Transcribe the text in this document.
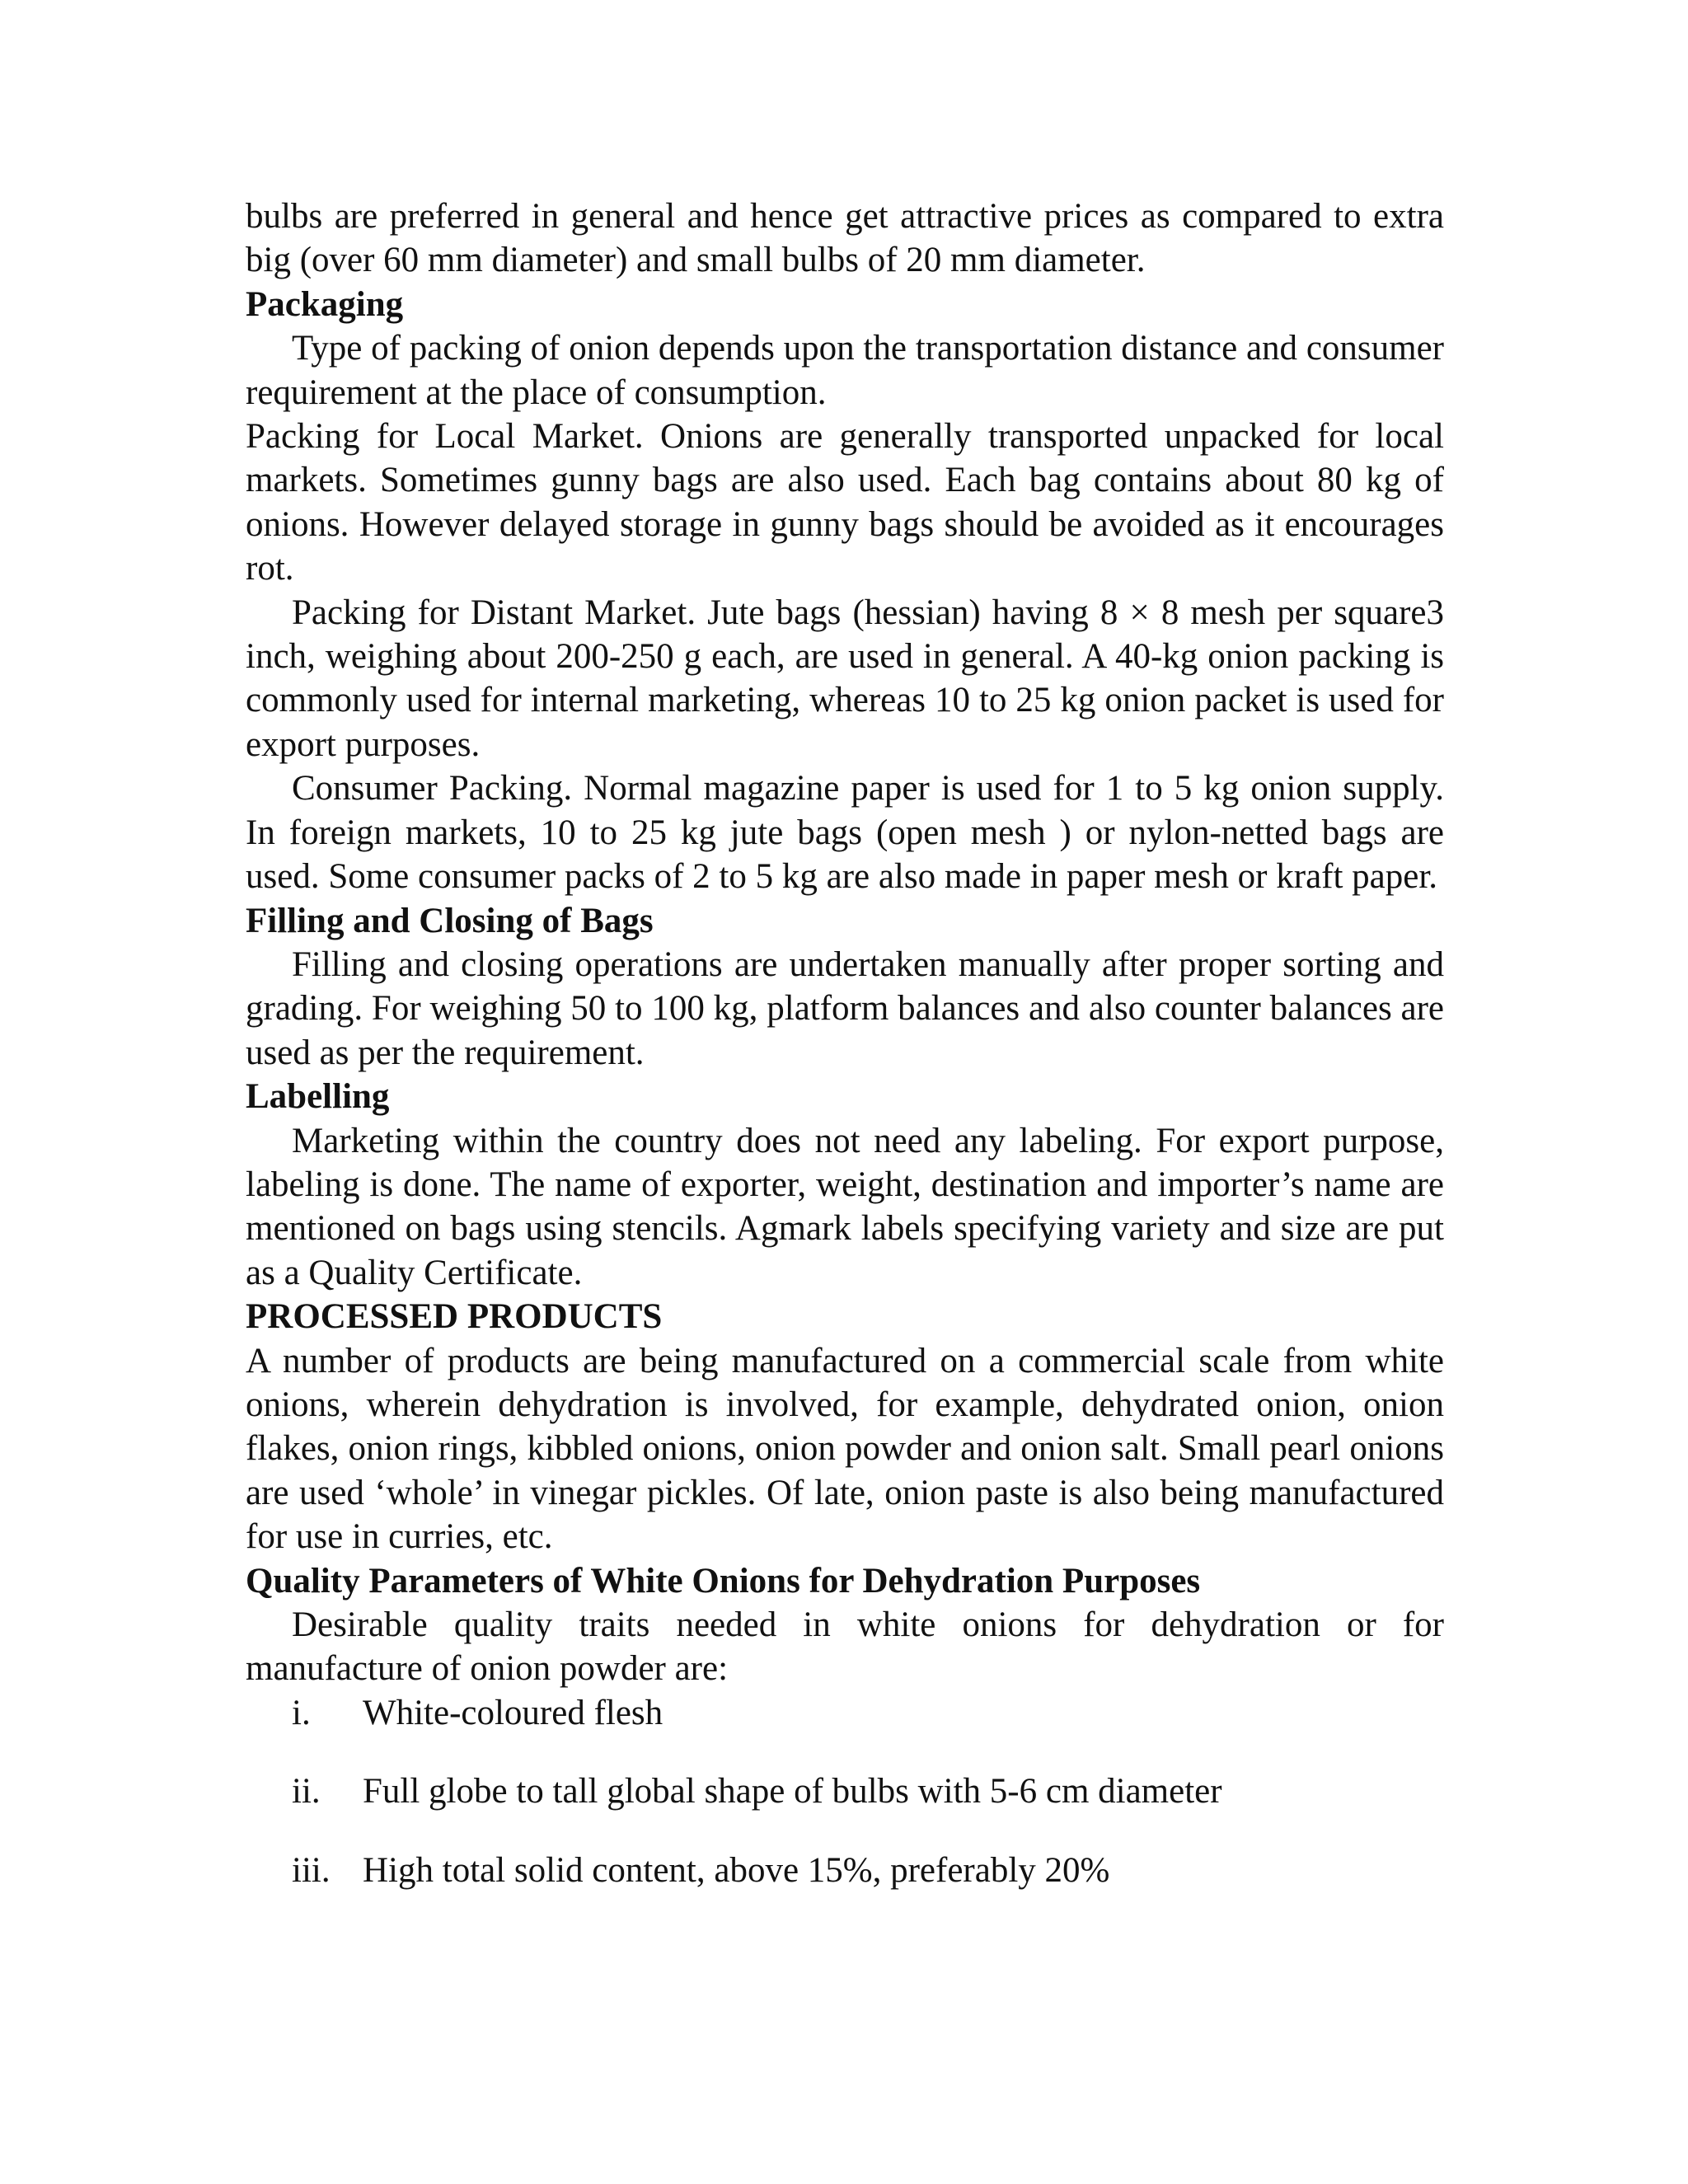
bulbs are preferred in general and hence get attractive prices as compared to extra big (over 60 mm diameter) and small bulbs of 20 mm diameter.

Packaging

Type of packing of onion depends upon the transportation distance and consumer requirement at the place of consumption.

Packing for Local Market. Onions are generally transported unpacked for local markets. Sometimes gunny bags are also used. Each bag contains about 80 kg of onions. However delayed storage in gunny bags should be avoided as it encourages rot.

Packing for Distant Market. Jute bags (hessian) having 8 × 8 mesh per square3 inch, weighing about 200-250 g each, are used in general. A 40-kg onion packing is commonly used for internal marketing, whereas 10 to 25 kg onion packet is used for export purposes.

Consumer Packing. Normal magazine paper is used for 1 to 5 kg onion supply. In foreign markets, 10 to 25 kg jute bags (open mesh ) or nylon-netted bags are used. Some consumer packs of 2 to 5 kg are also made in paper mesh or kraft paper.

Filling and Closing of Bags

Filling and closing operations are undertaken manually after proper sorting and grading. For weighing 50 to 100 kg, platform balances and also counter balances are used as per the requirement.

Labelling

Marketing within the country does not need any labeling. For export purpose, labeling is done. The name of exporter, weight, destination and importer’s name are mentioned on bags using stencils. Agmark labels specifying variety and size are put as a Quality Certificate.

PROCESSED PRODUCTS

A number of products are being manufactured on a commercial scale from white onions, wherein dehydration is involved, for example, dehydrated onion, onion flakes, onion rings, kibbled onions, onion powder and onion salt. Small pearl onions are used ‘whole’ in vinegar pickles. Of late, onion paste is also being manufactured for use in curries, etc.

Quality Parameters of White Onions for Dehydration Purposes

Desirable quality traits needed in white onions for dehydration or for manufacture of onion powder are:

i. White-coloured flesh
ii. Full globe to tall global shape of bulbs with 5-6 cm diameter
iii. High total solid content, above 15%, preferably 20%
